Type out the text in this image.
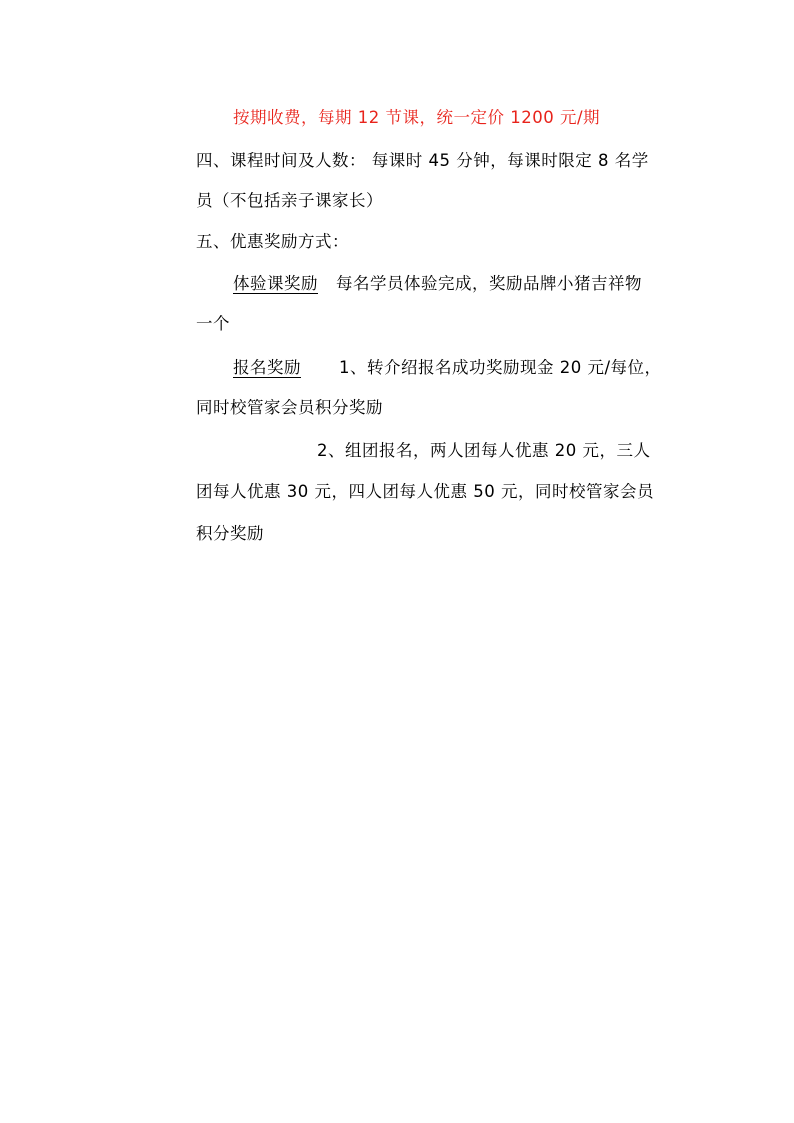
按期收费，每期 12 节课，统一定价 1200 元/期
四、课程时间及人数： 每课时 45 分钟，每课时限定 8 名学
员（不包括亲子课家长）
五、优惠奖励方式：
体验课奖励 每名学员体验完成，奖励品牌小猪吉祥物
一个
报名奖励 1、转介绍报名成功奖励现金 20 元/每位，
同时校管家会员积分奖励
2、组团报名，两人团每人优惠 20 元，三人
团每人优惠 30 元，四人团每人优惠 50 元，同时校管家会员
积分奖励
